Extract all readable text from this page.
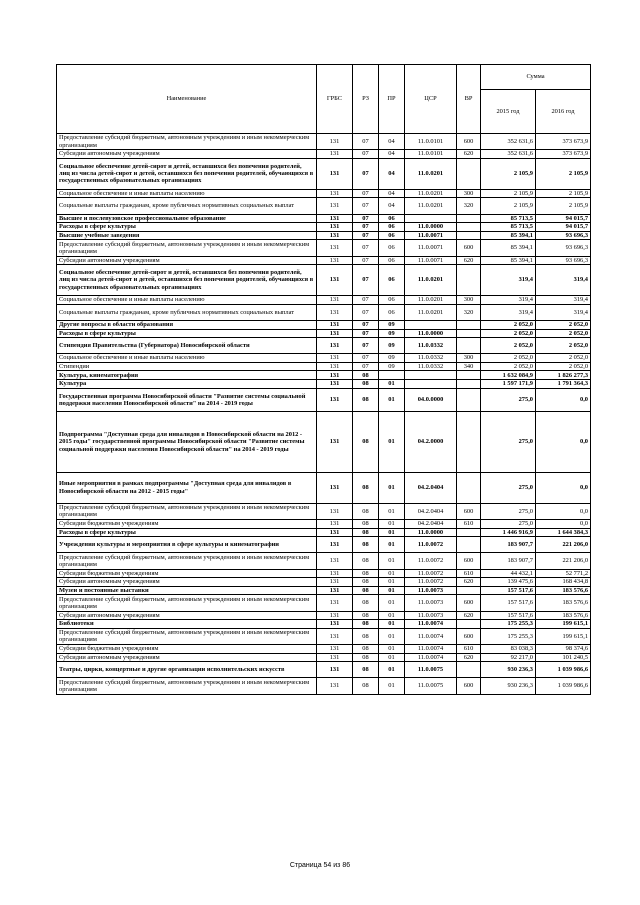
Наименование	ГРБС	РЗ	ПР	ЦСР	ВР	Сумма	
						2015 год	2016 год
Предоставление субсидий бюджетным, автономным учреждениям и иным некоммерческим организациям	131	07	04	11.0.0101	600	352 631,6	373 673,9
Субсидии автономным учреждениям	131	07	04	11.0.0101	620	352 631,6	373 673,9
Социальное обеспечение детей-сирот и детей, оставшихся без попечения родителей, лиц из числа детей-сирот и детей, оставшихся без попечения родителей, обучающихся в государственных образовательных организациях	131	07	04	11.0.0201		2 105,9	2 105,9
Социальное обеспечение и иные выплаты населению	131	07	04	11.0.0201	300	2 105,9	2 105,9
Социальные выплаты гражданам, кроме публичных нормативных социальных выплат	131	07	04	11.0.0201	320	2 105,9	2 105,9
Высшее и послевузовское профессиональное образование	131	07	06			85 713,5	94 015,7
Расходы в сфере культуры	131	07	06	11.0.0000		85 713,5	94 015,7
Высшие учебные заведения	131	07	06	11.0.0071		85 394,1	93 696,3
Предоставление субсидий бюджетным, автономным учреждениям и иным некоммерческим организациям	131	07	06	11.0.0071	600	85 394,1	93 696,3
Субсидии автономным учреждениям	131	07	06	11.0.0071	620	85 394,1	93 696,3
Социальное обеспечение детей-сирот и детей, оставшихся без попечения родителей, лиц из числа детей-сирот и детей, оставшихся без попечения родителей, обучающихся в государственных образовательных организациях	131	07	06	11.0.0201		319,4	319,4
Социальное обеспечение и иные выплаты населению	131	07	06	11.0.0201	300	319,4	319,4
Социальные выплаты гражданам, кроме публичных нормативных социальных выплат	131	07	06	11.0.0201	320	319,4	319,4
Другие вопросы в области образования	131	07	09			2 052,0	2 052,0
Расходы в сфере культуры	131	07	09	11.0.0000		2 052,0	2 052,0
Стипендия Правительства (Губернатора) Новосибирской области	131	07	09	11.0.0332		2 052,0	2 052,0
Социальное обеспечение и иные выплаты населению	131	07	09	11.0.0332	300	2 052,0	2 052,0
Стипендии	131	07	09	11.0.0332	340	2 052,0	2 052,0
Культура, кинематография	131	08				1 632 084,9	1 826 277,3
Культура	131	08	01			1 597 171,9	1 791 364,3
Государственная программа Новосибирской области "Развитие системы социальной поддержки населения Новосибирской области" на 2014 - 2019 годы	131	08	01	04.0.0000		275,0	0,0
Подпрограмма "Доступная среда для инвалидов в Новосибирской области на 2012 - 2015 годы" государственной программы Новосибирской области "Развитие системы социальной поддержки населения Новосибирской области" на 2014 - 2019 годы	131	08	01	04.2.0000		275,0	0,0
Иные мероприятия в рамках подпрограммы "Доступная среда для инвалидов в Новосибирской области на 2012 - 2015 годы"	131	08	01	04.2.0404		275,0	0,0
Предоставление субсидий бюджетным, автономным учреждениям и иным некоммерческим организациям	131	08	01	04.2.0404	600	275,0	0,0
Субсидии бюджетным учреждениям	131	08	01	04.2.0404	610	275,0	0,0
Расходы в сфере культуры	131	08	01	11.0.0000		1 446 916,9	1 644 384,3
Учреждения культуры и мероприятия в сфере культуры и кинематографии	131	08	01	11.0.0072		183 907,7	221 206,0
Предоставление субсидий бюджетным, автономным учреждениям и иным некоммерческим организациям	131	08	01	11.0.0072	600	183 907,7	221 206,0
Субсидии бюджетным учреждениям	131	08	01	11.0.0072	610	44 432,1	52 771,2
Субсидии автономным учреждениям	131	08	01	11.0.0072	620	139 475,6	168 434,8
Музеи и постоянные выставки	131	08	01	11.0.0073		157 517,6	183 576,6
Предоставление субсидий бюджетным, автономным учреждениям и иным некоммерческим организациям	131	08	01	11.0.0073	600	157 517,6	183 576,6
Субсидии автономным учреждениям	131	08	01	11.0.0073	620	157 517,6	183 576,6
Библиотеки	131	08	01	11.0.0074		175 255,3	199 615,1
Предоставление субсидий бюджетным, автономным учреждениям и иным некоммерческим организациям	131	08	01	11.0.0074	600	175 255,3	199 615,1
Субсидии бюджетным учреждениям	131	08	01	11.0.0074	610	83 038,3	98 374,6
Субсидии автономным учреждениям	131	08	01	11.0.0074	620	92 217,0	101 240,5
Театры, цирки, концертные и другие организации исполнительских искусств	131	08	01	11.0.0075		930 236,3	1 039 986,6
Предоставление субсидий бюджетным, автономным учреждениям и иным некоммерческим организациям	131	08	01	11.0.0075	600	930 236,3	1 039 986,6
Страница 54 из 86
